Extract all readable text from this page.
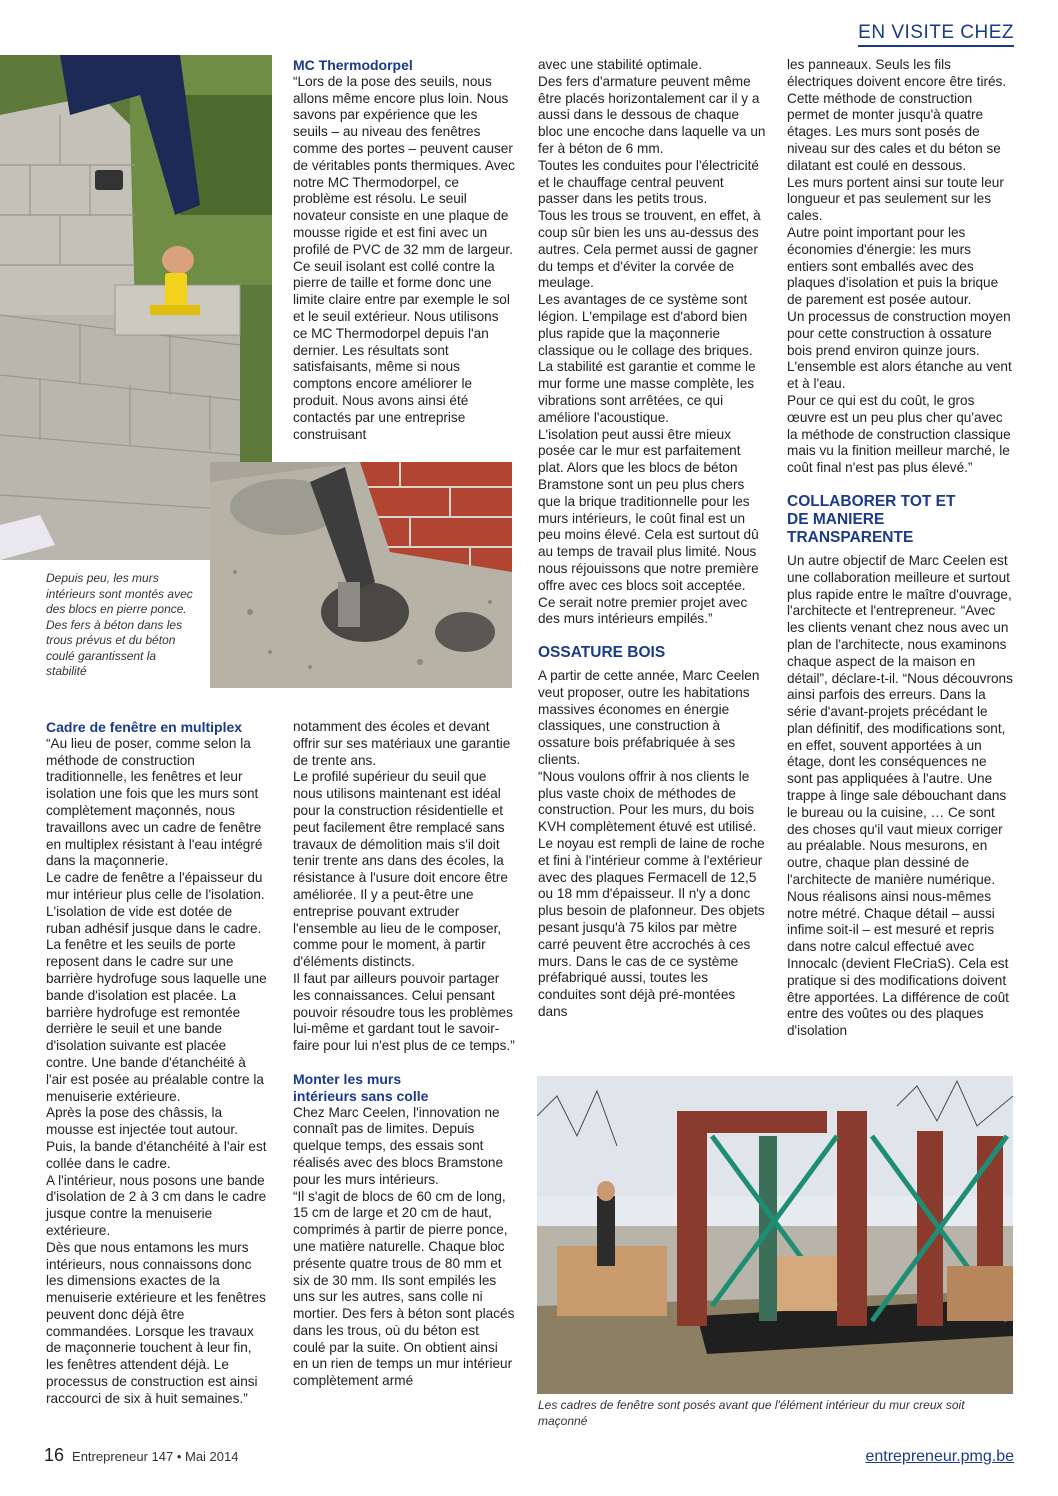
EN VISITE CHEZ
Depuis peu, les murs intérieurs sont montés avec des blocs en pierre ponce. Des fers à béton dans les trous prévus et du béton coulé garantissent la stabilité

MC Thermodorpel

“Lors de la pose des seuils, nous allons même encore plus loin. Nous savons par expérience que les seuils – au niveau des fenêtres comme des portes – peuvent causer de véritables ponts thermiques. Avec notre MC Thermodorpel, ce problème est résolu. Le seuil novateur consiste en une plaque de mousse rigide et est fini avec un profilé de PVC de 32 mm de largeur. Ce seuil isolant est collé contre la pierre de taille et forme donc une limite claire entre par exemple le sol et le seuil extérieur. Nous utilisons ce MC Thermodorpel depuis l'an dernier. Les résultats sont satisfaisants, même si nous comptons encore améliorer le produit. Nous avons ainsi été contactés par une entreprise construisant

avec une stabilité optimale.

Des fers d'armature peuvent même être placés horizontalement car il y a aussi dans le dessous de chaque bloc une encoche dans laquelle va un fer à béton de 6 mm.

Toutes les conduites pour l'électricité et le chauffage central peuvent passer dans les petits trous.

Tous les trous se trouvent, en effet, à coup sûr bien les uns au-dessus des autres. Cela permet aussi de gagner du temps et d'éviter la corvée de meulage.

Les avantages de ce système sont légion. L'empilage est d'abord bien plus rapide que la maçonnerie classique ou le collage des briques.

La stabilité est garantie et comme le mur forme une masse complète, les vibrations sont arrêtées, ce qui améliore l'acoustique.

L'isolation peut aussi être mieux posée car le mur est parfaitement plat. Alors que les blocs de béton Bramstone sont un peu plus chers que la brique traditionnelle pour les murs intérieurs, le coût final est un peu moins élevé. Cela est surtout dû au temps de travail plus limité. Nous nous réjouissons que notre première offre avec ces blocs soit acceptée. Ce serait notre premier projet avec des murs intérieurs empilés.”

OSSATURE BOIS

A partir de cette année, Marc Ceelen veut proposer, outre les habitations massives économes en énergie classiques, une construction à ossature bois préfabriquée à ses clients.

“Nous voulons offrir à nos clients le plus vaste choix de méthodes de construction. Pour les murs, du bois KVH complètement étuvé est utilisé. Le noyau est rempli de laine de roche et fini à l'intérieur comme à l'extérieur avec des plaques Fermacell de 12,5 ou 18 mm d'épaisseur. Il n'y a donc plus besoin de plafonneur. Des objets pesant jusqu'à 75 kilos par mètre carré peuvent être accrochés à ces murs. Dans le cas de ce système préfabriqué aussi, toutes les conduites sont déjà pré-montées dans

les panneaux. Seuls les fils électriques doivent encore être tirés. Cette méthode de construction permet de monter jusqu'à quatre étages. Les murs sont posés de niveau sur des cales et du béton se dilatant est coulé en dessous.

Les murs portent ainsi sur toute leur longueur et pas seulement sur les cales.

Autre point important pour les économies d'énergie: les murs entiers sont emballés avec des plaques d'isolation et puis la brique de parement est posée autour.

Un processus de construction moyen pour cette construction à ossature bois prend environ quinze jours.

L'ensemble est alors étanche au vent et à l'eau.

Pour ce qui est du coût, le gros œuvre est un peu plus cher qu'avec la méthode de construction classique mais vu la finition meilleur marché, le coût final n'est pas plus élevé.”

COLLABORER TOT ET

DE MANIERE TRANSPARENTE

Un autre objectif de Marc Ceelen est une collaboration meilleure et surtout plus rapide entre le maître d'ouvrage, l'architecte et l'entrepreneur. “Avec les clients venant chez nous avec un plan de l'architecte, nous examinons chaque aspect de la maison en détail”, déclare-t-il. “Nous découvrons ainsi parfois des erreurs. Dans la série d'avant-projets précédant le plan définitif, des modifications sont, en effet, souvent apportées à un étage, dont les conséquences ne sont pas appliquées à l'autre. Une trappe à linge sale débouchant dans le bureau ou la cuisine, … Ce sont des choses qu'il vaut mieux corriger au préalable. Nous mesurons, en outre, chaque plan dessiné de l'architecte de manière numérique. Nous réalisons ainsi nous-mêmes notre métré. Chaque détail – aussi infime soit-il – est mesuré et repris dans notre calcul effectué avec Innocalc (devient FleCriaS). Cela est pratique si des modifications doivent être apportées. La différence de coût entre des voûtes ou des plaques d'isolation

Cadre de fenêtre en multiplex

“Au lieu de poser, comme selon la méthode de construction traditionnelle, les fenêtres et leur isolation une fois que les murs sont complètement maçonnés, nous travaillons avec un cadre de fenêtre en multiplex résistant à l'eau intégré dans la maçonnerie.

Le cadre de fenêtre a l'épaisseur du mur intérieur plus celle de l'isolation. L'isolation de vide est dotée de ruban adhésif jusque dans le cadre. La fenêtre et les seuils de porte reposent dans le cadre sur une barrière hydrofuge sous laquelle une bande d'isolation est placée. La barrière hydrofuge est remontée derrière le seuil et une bande d'isolation suivante est placée contre. Une bande d'étanchéité à l'air est posée au préalable contre la menuiserie extérieure.

Après la pose des châssis, la mousse est injectée tout autour. Puis, la bande d'étanchéité à l'air est collée dans le cadre.

A l'intérieur, nous posons une bande d'isolation de 2 à 3 cm dans le cadre jusque contre la menuiserie extérieure.

Dès que nous entamons les murs intérieurs, nous connaissons donc les dimensions exactes de la menuiserie extérieure et les fenêtres peuvent donc déjà être commandées. Lorsque les travaux de maçonnerie touchent à leur fin, les fenêtres attendent déjà. Le processus de construction est ainsi raccourci de six à huit semaines.”

notamment des écoles et devant offrir sur ses matériaux une garantie de trente ans.

Le profilé supérieur du seuil que nous utilisons maintenant est idéal pour la construction résidentielle et peut facilement être remplacé sans travaux de démolition mais s'il doit tenir trente ans dans des écoles, la résistance à l'usure doit encore être améliorée. Il y a peut-être une entreprise pouvant extruder l'ensemble au lieu de le composer, comme pour le moment, à partir d'éléments distincts.

Il faut par ailleurs pouvoir partager les connaissances. Celui pensant pouvoir résoudre tous les problèmes lui-même et gardant tout le savoir-faire pour lui n'est plus de ce temps.”

Monter les murs

intérieurs sans colle

Chez Marc Ceelen, l'innovation ne connaît pas de limites. Depuis quelque temps, des essais sont réalisés avec des blocs Bramstone pour les murs intérieurs.

“Il s'agit de blocs de 60 cm de long, 15 cm de large et 20 cm de haut, comprimés à partir de pierre ponce, une matière naturelle. Chaque bloc présente quatre trous de 80 mm et six de 30 mm. Ils sont empilés les uns sur les autres, sans colle ni mortier. Des fers à béton sont placés dans les trous, où du béton est coulé par la suite. On obtient ainsi en un rien de temps un mur intérieur complètement armé

Les cadres de fenêtre sont posés avant que l'élément intérieur du mur creux soit maçonné
16 Entrepreneur 147 • Mai 2014	entrepreneur.pmg.be
